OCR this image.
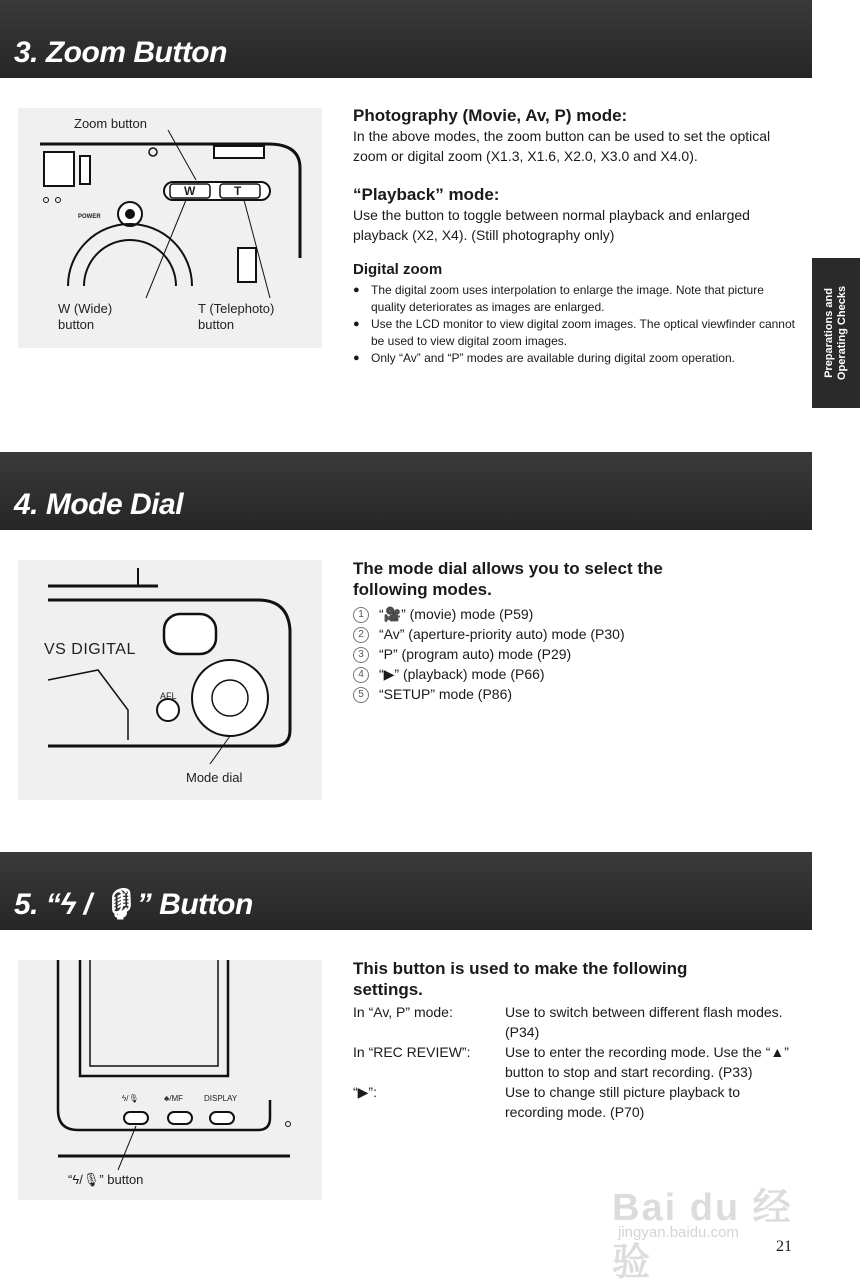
3. Zoom Button
Zoom button
POWER
W	T
W (Wide)
button
T (Telephoto)
button
Photography (Movie, Av, P) mode:

In the above modes, the zoom button can be used to set the optical zoom or digital zoom (X1.3, X1.6, X2.0, X3.0 and X4.0).

“Playback” mode:

Use the button to toggle between normal playback and enlarged playback (X2, X4). (Still photography only)

Digital zoom
● The digital zoom uses interpolation to enlarge the image. Note that picture quality deteriorates as images are enlarged.
● Use the LCD monitor to view digital zoom images. The optical viewfinder cannot be used to view digital zoom images.
● Only “Av” and “P” modes are available during digital zoom operation.	Preparations and Operating Checks
4. Mode Dial
VS DIGITAL
AFL
Mode dial
The mode dial allows you to select the following modes.
1	“🎥” (movie) mode (P59)
2	“Av” (aperture-priority auto) mode (P30)
3	“P” (program auto) mode (P29)
4	“▶” (playback) mode (P66)
5	“SETUP” mode (P86)
5. “ϟ / 🎙” Button
ϟ/🎙	♣/MF	DISPLAY
“ϟ/🎙” button
This button is used to make the following settings.
In “Av, P” mode:	Use to switch between different flash modes. (P34)
In “REC REVIEW”:	Use to enter the recording mode. Use the “▲” button to stop and start recording. (P33)
“▶”:	Use to change still picture playback to recording mode. (P70)
Bai du 经验
jingyan.baidu.com
21
